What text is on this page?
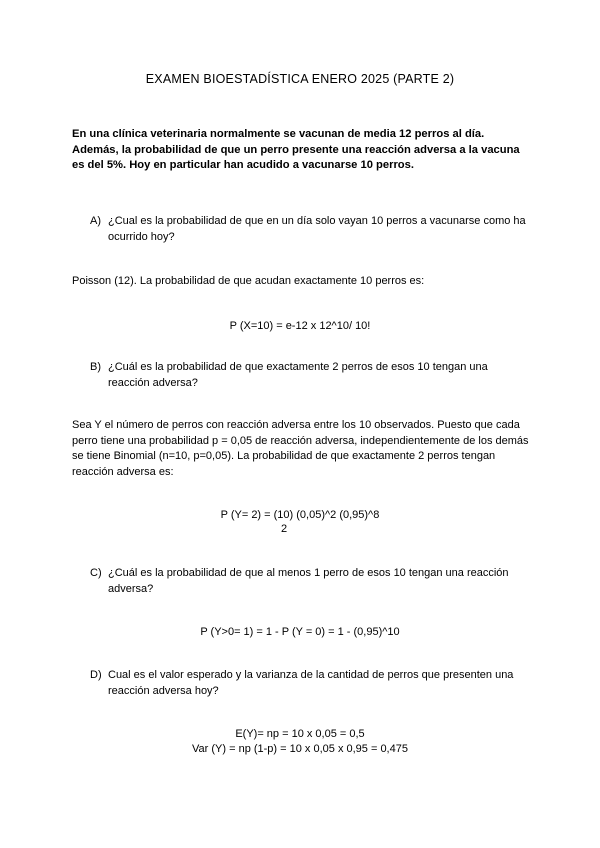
EXAMEN BIOESTADÍSTICA ENERO 2025 (PARTE 2)
En una clínica veterinaria normalmente se vacunan de media 12 perros al día. Además, la probabilidad de que un perro presente una reacción adversa a la vacuna es del 5%. Hoy en particular han acudido a vacunarse 10 perros.
A) ¿Cual es la probabilidad de que en un día solo vayan 10 perros a vacunarse como ha ocurrido hoy?
Poisson (12). La probabilidad de que acudan exactamente 10 perros es:
P (X=10) = e-12 x 12^10/ 10!
B) ¿Cuál es la probabilidad de que exactamente 2 perros de esos 10 tengan una reacción adversa?
Sea Y el número de perros con reacción adversa entre los 10 observados. Puesto que cada perro tiene una probabilidad p = 0,05 de reacción adversa, independientemente de los demás se tiene Binomial (n=10, p=0,05). La probabilidad de que exactamente 2 perros tengan reacción adversa es:
P (Y= 2) = (10) (0,05)^2 (0,95)^8
2
C) ¿Cuál es la probabilidad de que al menos 1 perro de esos 10 tengan una reacción adversa?
P (Y>0= 1) = 1 - P (Y = 0) = 1 - (0,95)^10
D) Cual es el valor esperado y la varianza de la cantidad de perros que presenten una reacción adversa hoy?
E(Y)= np = 10 x 0,05 = 0,5
Var (Y) = np (1-p) = 10 x 0,05 x 0,95 = 0,475
